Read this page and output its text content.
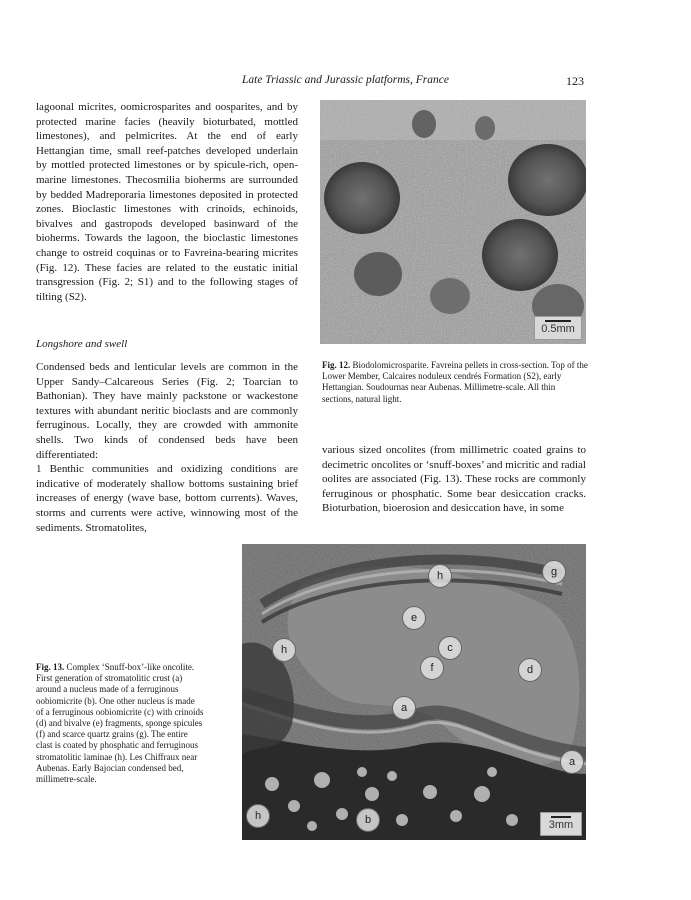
Late Triassic and Jurassic platforms, France	123

lagoonal micrites, oomicrosparites and oosparites, and by protected marine facies (heavily bioturbated, mottled limestones), and pelmicrites. At the end of early Hettangian time, small reef-patches developed underlain by mottled protected limestones or by spicule-rich, open-marine limestones. Thecosmilia bioherms are surrounded by bedded Madreporaria limestones deposited in protected zones. Bioclastic limestones with crinoids, echinoids, bivalves and gastropods developed basinward of the bioherms. Towards the lagoon, the bioclastic limestones change to ostreid coquinas or to Favreina-bearing micrites (Fig. 12). These facies are related to the eustatic initial transgression (Fig. 2; S1) and to the following stages of tilting (S2).

Longshore and swell

Condensed beds and lenticular levels are common in the Upper Sandy–Calcareous Series (Fig. 2; Toarcian to Bathonian). They have mainly packstone or wackestone textures with abundant neritic bioclasts and are commonly ferruginous. Locally, they are crowded with ammonite shells. Two kinds of condensed beds have been differentiated:

1 Benthic communities and oxidizing conditions are indicative of moderately shallow bottoms sustaining brief increases of energy (wave base, bottom currents). Waves, storms and currents were active, winnowing most of the sediments. Stromatolites,

0.5mm
Fig. 12. Biodolomicrosparite. Favreina pellets in cross-section. Top of the Lower Member, Calcaires noduleux cendrés Formation (S2), early Hettangian. Soudournas near Aubenas. Millimetre-scale. All thin sections, natural light.

various sized oncolites (from millimetric coated grains to decimetric oncolites or ‘snuff-boxes’ and micritic and radial oolites are associated (Fig. 13). These rocks are commonly ferruginous or phosphatic. Some bear desiccation cracks. Bioturbation, bioerosion and desiccation have, in some

h
e
c
d
f
a
a
g
h	b
h
3mm
Fig. 13. Complex ‘Snuff-box’-like oncolite. First generation of stromatolitic crust (a) around a nucleus made of a ferruginous oobiomicrite (b). One other nucleus is made of a ferruginous oobiomicrite (c) with crinoids (d) and bivalve (e) fragments, sponge spicules (f) and scarce quartz grains (g). The entire clast is coated by phosphatic and ferruginous stromatolitic laminae (h). Les Chiffraux near Aubenas. Early Bajocian condensed bed, millimetre-scale.
